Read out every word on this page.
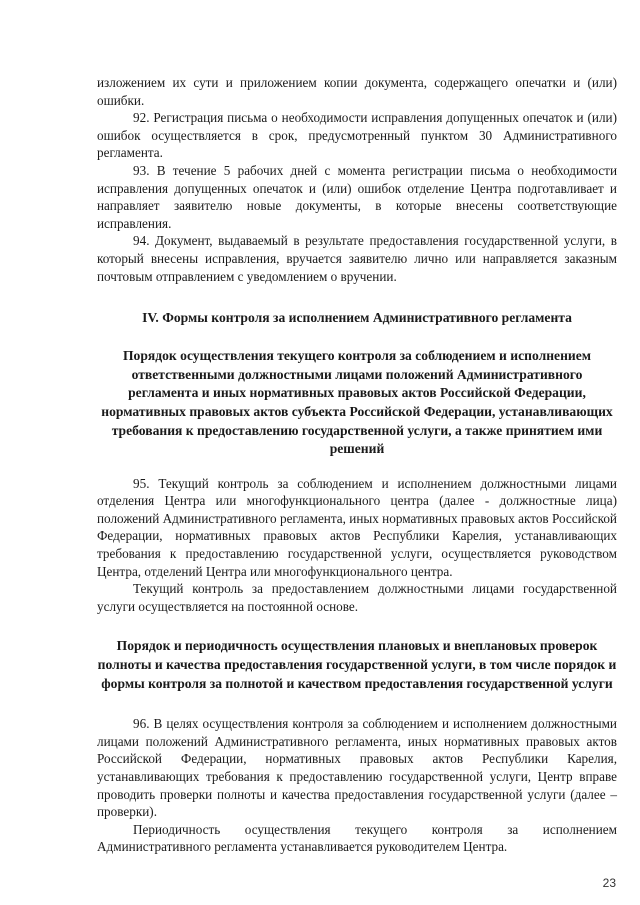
изложением их сути и приложением копии документа, содержащего опечатки и (или) ошибки.

92. Регистрация письма о необходимости исправления допущенных опечаток и (или) ошибок осуществляется в срок, предусмотренный пунктом 30 Административного регламента.

93. В течение 5 рабочих дней с момента регистрации письма о необходимости исправления допущенных опечаток и (или) ошибок отделение Центра подготавливает и направляет заявителю новые документы, в которые внесены соответствующие исправления.

94. Документ, выдаваемый в результате предоставления государственной услуги, в который внесены исправления, вручается заявителю лично или направляется заказным почтовым отправлением с уведомлением о вручении.

IV. Формы контроля за исполнением Административного регламента
Порядок осуществления текущего контроля за соблюдением и исполнением ответственными должностными лицами положений Административного регламента и иных нормативных правовых актов Российской Федерации, нормативных правовых актов субъекта Российской Федерации, устанавливающих требования к предоставлению государственной услуги, а также принятием ими решений

95. Текущий контроль за соблюдением и исполнением должностными лицами отделения Центра или многофункционального центра (далее - должностные лица) положений Административного регламента, иных нормативных правовых актов Российской Федерации, нормативных правовых актов Республики Карелия, устанавливающих требования к предоставлению государственной услуги, осуществляется руководством Центра, отделений Центра или многофункционального центра.

Текущий контроль за предоставлением должностными лицами государственной услуги осуществляется на постоянной основе.

Порядок и периодичность осуществления плановых и внеплановых проверок полноты и качества предоставления государственной услуги, в том числе порядок и формы контроля за полнотой и качеством предоставления государственной услуги

96. В целях осуществления контроля за соблюдением и исполнением должностными лицами положений Административного регламента, иных нормативных правовых актов Российской Федерации, нормативных правовых актов Республики Карелия, устанавливающих требования к предоставлению государственной услуги, Центр вправе проводить проверки полноты и качества предоставления государственной услуги (далее – проверки).

Периодичность осуществления текущего контроля за исполнением Административного регламента устанавливается руководителем Центра.

23
